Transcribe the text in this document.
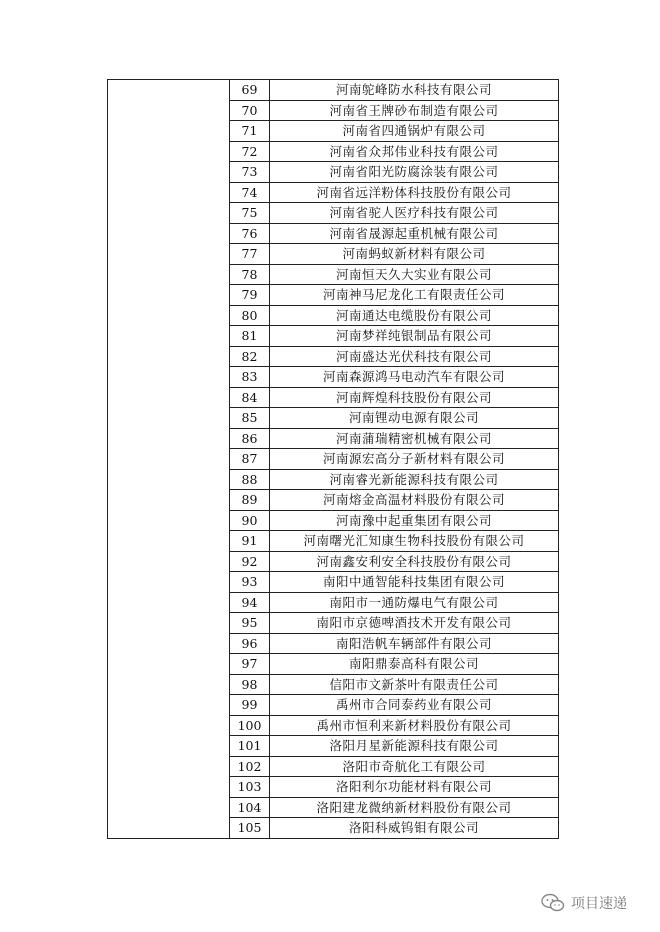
	69	河南鸵峰防水科技有限公司
	70	河南省王牌砂布制造有限公司
	71	河南省四通锅炉有限公司
	72	河南省众邦伟业科技有限公司
	73	河南省阳光防腐涂装有限公司
	74	河南省远洋粉体科技股份有限公司
	75	河南省驼人医疗科技有限公司
	76	河南省晟源起重机械有限公司
	77	河南蚂蚁新材料有限公司
	78	河南恒天久大实业有限公司
	79	河南神马尼龙化工有限责任公司
	80	河南通达电缆股份有限公司
	81	河南梦祥纯银制品有限公司
	82	河南盛达光伏科技有限公司
	83	河南森源鸿马电动汽车有限公司
	84	河南辉煌科技股份有限公司
	85	河南锂动电源有限公司
	86	河南蒲瑞精密机械有限公司
	87	河南源宏高分子新材料有限公司
	88	河南睿光新能源科技有限公司
	89	河南熔金高温材料股份有限公司
	90	河南豫中起重集团有限公司
	91	河南曙光汇知康生物科技股份有限公司
	92	河南鑫安利安全科技股份有限公司
	93	南阳中通智能科技集团有限公司
	94	南阳市一通防爆电气有限公司
	95	南阳市京德啤酒技术开发有限公司
	96	南阳浩帆车辆部件有限公司
	97	南阳鼎泰高科有限公司
	98	信阳市文新茶叶有限责任公司
	99	禹州市合同泰药业有限公司
	100	禹州市恒利来新材料股份有限公司
	101	洛阳月星新能源科技有限公司
	102	洛阳市奇航化工有限公司
	103	洛阳利尔功能材料有限公司
	104	洛阳建龙微纳新材料股份有限公司
	105	洛阳科威钨钼有限公司
项目速递
